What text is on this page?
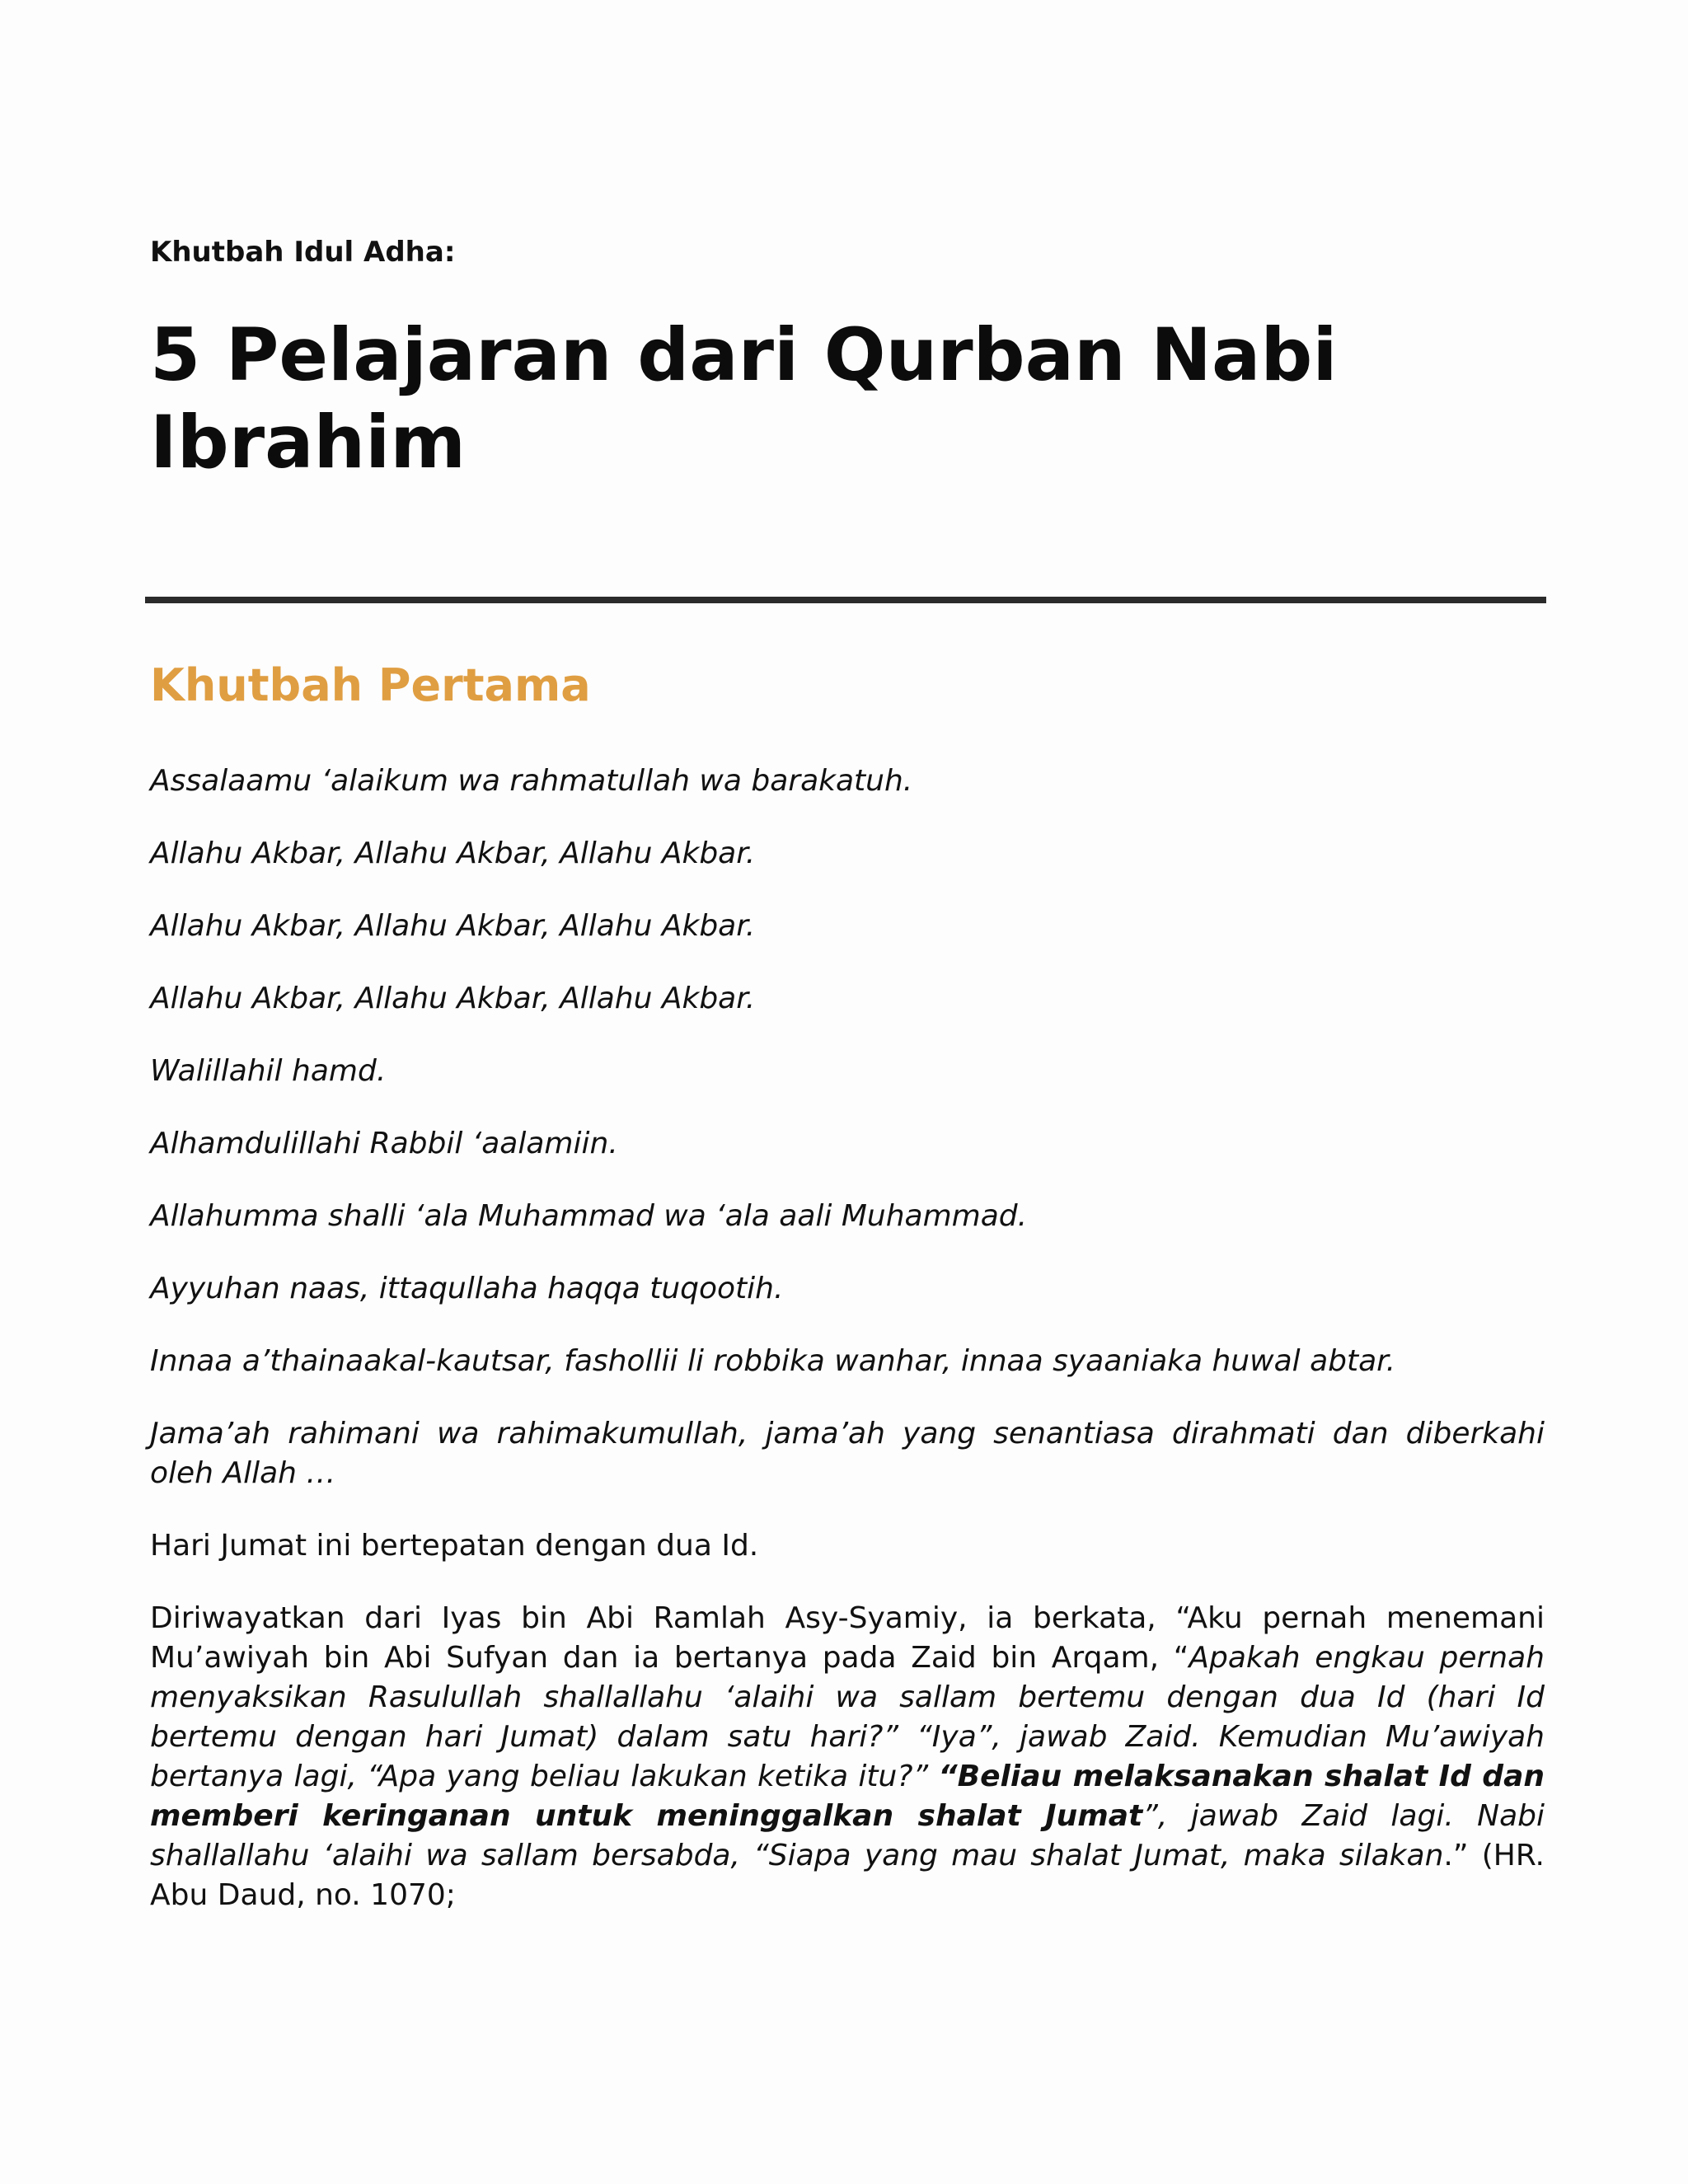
Khutbah Idul Adha:

5 Pelajaran dari Qurban Nabi Ibrahim
Khutbah Pertama

Assalaamu ‘alaikum wa rahmatullah wa barakatuh.

Allahu Akbar, Allahu Akbar, Allahu Akbar.

Allahu Akbar, Allahu Akbar, Allahu Akbar.

Allahu Akbar, Allahu Akbar, Allahu Akbar.

Walillahil hamd.

Alhamdulillahi Rabbil ‘aalamiin.

Allahumma shalli ‘ala Muhammad wa ‘ala aali Muhammad.

Ayyuhan naas, ittaqullaha haqqa tuqootih.

Innaa a’thainaakal-kautsar, fashollii li robbika wanhar, innaa syaaniaka huwal abtar.

Jama’ah rahimani wa rahimakumullah, jama’ah yang senantiasa dirahmati dan diberkahi oleh Allah …

Hari Jumat ini bertepatan dengan dua Id.

Diriwayatkan dari Iyas bin Abi Ramlah Asy-Syamiy, ia berkata, “Aku pernah menemani Mu’awiyah bin Abi Sufyan dan ia bertanya pada Zaid bin Arqam, “Apakah engkau pernah menyaksikan Rasulullah shallallahu ‘alaihi wa sallam bertemu dengan dua Id (hari Id bertemu dengan hari Jumat) dalam satu hari?” “Iya”, jawab Zaid. Kemudian Mu’awiyah bertanya lagi, “Apa yang beliau lakukan ketika itu?” “Beliau melaksanakan shalat Id dan memberi keringanan untuk meninggalkan shalat Jumat”, jawab Zaid lagi. Nabi shallallahu ‘alaihi wa sallam bersabda, “Siapa yang mau shalat Jumat, maka silakan.” (HR. Abu Daud, no. 1070;
